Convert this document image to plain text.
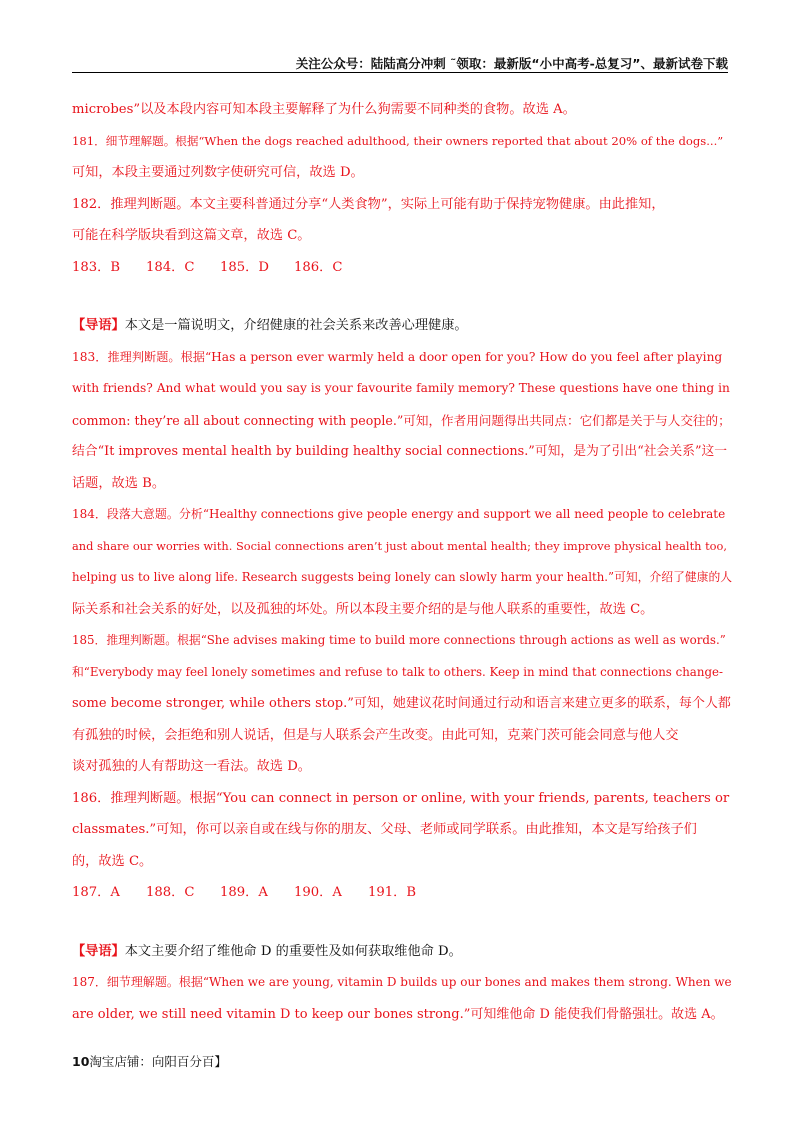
关注公众号：陆陆高分冲刺 ˜领取：最新版“小中高考-总复习”、最新试卷下载
microbes”以及本段内容可知本段主要解释了为什么狗需要不同种类的食物。故选 A。
181．细节理解题。根据“When the dogs reached adulthood, their owners reported that about 20% of the dogs...”
可知，本段主要通过列数字使研究可信，故选 D。
182．推理判断题。本文主要科普通过分享“人类食物”，实际上可能有助于保持宠物健康。由此推知，
可能在科学版块看到这篇文章，故选 C。
183．B 184．C 185．D 186．C
【导语】本文是一篇说明文，介绍健康的社会关系来改善心理健康。
183．推理判断题。根据“Has a person ever warmly held a door open for you? How do you feel after playing
with friends? And what would you say is your favourite family memory? These questions have one thing in
common: they’re all about connecting with people.”可知，作者用问题得出共同点：它们都是关于与人交往的；
结合“It improves mental health by building healthy social connections.”可知，是为了引出“社会关系”这一
话题，故选 B。
184．段落大意题。分析“Healthy connections give people energy and support we all need people to celebrate
and share our worries with. Social connections aren’t just about mental health; they improve physical health too,
helping us to live along life. Research suggests being lonely can slowly harm your health.”可知，介绍了健康的人
际关系和社会关系的好处，以及孤独的坏处。所以本段主要介绍的是与他人联系的重要性，故选 C。
185．推理判断题。根据“She advises making time to build more connections through actions as well as words.”
和“Everybody may feel lonely sometimes and refuse to talk to others. Keep in mind that connections change-
some become stronger, while others stop.”可知，她建议花时间通过行动和语言来建立更多的联系，每个人都
有孤独的时候，会拒绝和别人说话，但是与人联系会产生改变。由此可知，克莱门茨可能会同意与他人交
谈对孤独的人有帮助这一看法。故选 D。
186．推理判断题。根据“You can connect in person or online, with your friends, parents, teachers or
classmates.”可知，你可以亲自或在线与你的朋友、父母、老师或同学联系。由此推知，本文是写给孩子们
的，故选 C。
187．A 188．C 189．A 190．A 191．B
【导语】本文主要介绍了维他命 D 的重要性及如何获取维他命 D。
187．细节理解题。根据“When we are young, vitamin D builds up our bones and makes them strong. When we
are older, we still need vitamin D to keep our bones strong.”可知维他命 D 能使我们骨骼强壮。故选 A。
10淘宝店铺：向阳百分百】
